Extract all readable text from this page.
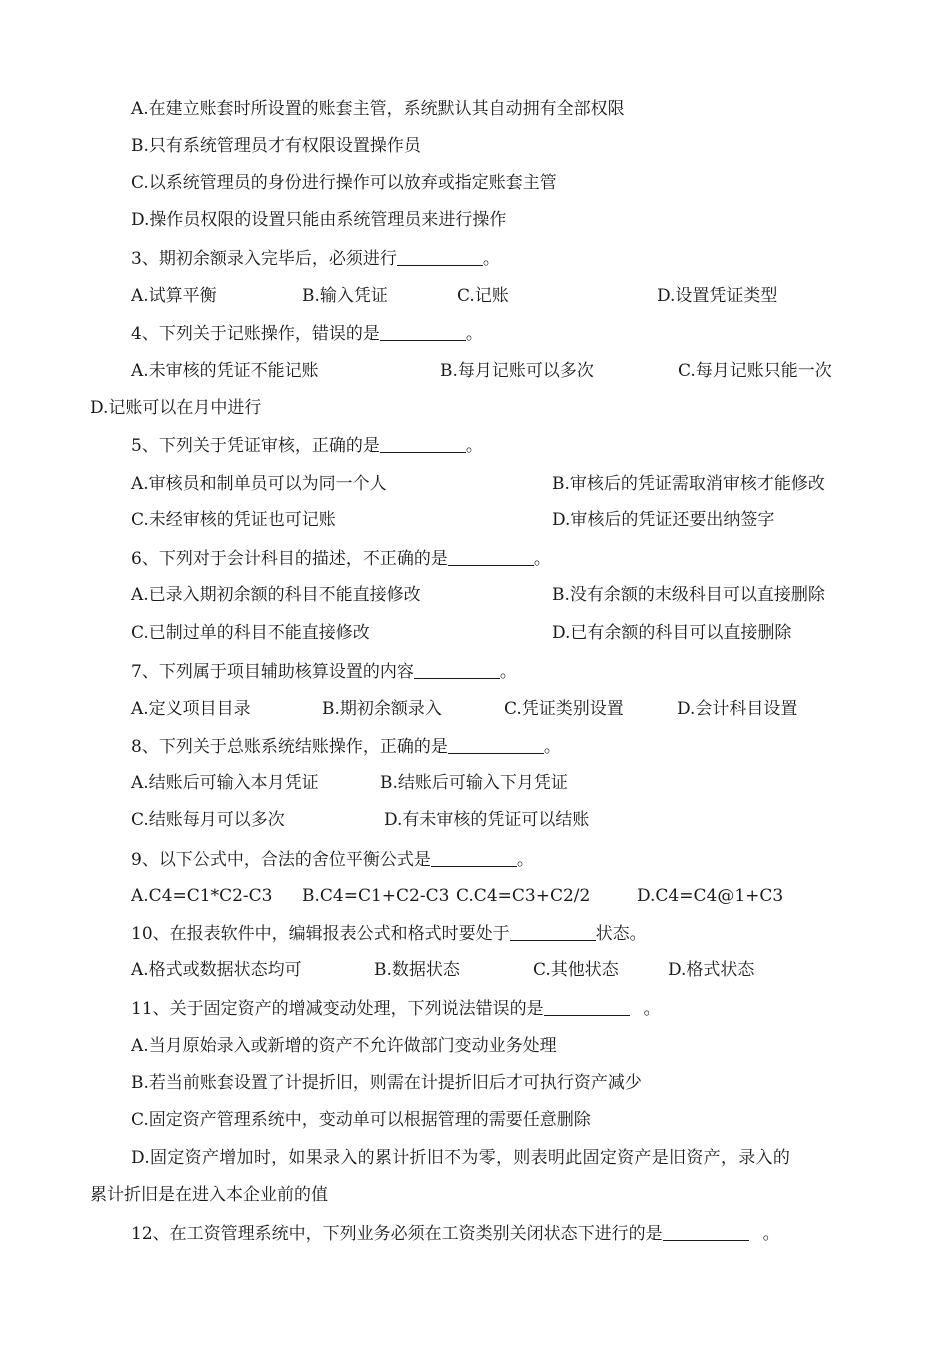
A.在建立账套时所设置的账套主管，系统默认其自动拥有全部权限
B.只有系统管理员才有权限设置操作员
C.以系统管理员的身份进行操作可以放弃或指定账套主管
D.操作员权限的设置只能由系统管理员来进行操作
3、期初余额录入完毕后，必须进行	。
A.试算平衡	B.输入凭证	C.记账	D.设置凭证类型
4、下列关于记账操作，错误的是	。
A.未审核的凭证不能记账	B.每月记账可以多次	C.每月记账只能一次
D.记账可以在月中进行
5、下列关于凭证审核，正确的是	。
A.审核员和制单员可以为同一个人	B.审核后的凭证需取消审核才能修改
C.未经审核的凭证也可记账	D.审核后的凭证还要出纳签字
6、下列对于会计科目的描述，不正确的是	。
A.已录入期初余额的科目不能直接修改	B.没有余额的末级科目可以直接删除
C.已制过单的科目不能直接修改	D.已有余额的科目可以直接删除
7、下列属于项目辅助核算设置的内容	。
A.定义项目目录	B.期初余额录入	C.凭证类别设置	D.会计科目设置
8、下列关于总账系统结账操作，正确的是	。
A.结账后可输入本月凭证	B.结账后可输入下月凭证
C.结账每月可以多次	D.有未审核的凭证可以结账
9、以下公式中，合法的舍位平衡公式是	。
A.C4=C1*C2-C3 B.C4=C1+C2-C3 C.C4=C3+C2/2	D.C4=C4@1+C3
10、在报表软件中，编辑报表公式和格式时要处于	状态。
A.格式或数据状态均可	B.数据状态	C.其他状态	D.格式状态
11、关于固定资产的增减变动处理，下列说法错误的是	。
A.当月原始录入或新增的资产不允许做部门变动业务处理
B.若当前账套设置了计提折旧，则需在计提折旧后才可执行资产减少
C.固定资产管理系统中，变动单可以根据管理的需要任意删除
D.固定资产增加时，如果录入的累计折旧不为零，则表明此固定资产是旧资产，录入的
累计折旧是在进入本企业前的值
12、在工资管理系统中，下列业务必须在工资类别关闭状态下进行的是	。
